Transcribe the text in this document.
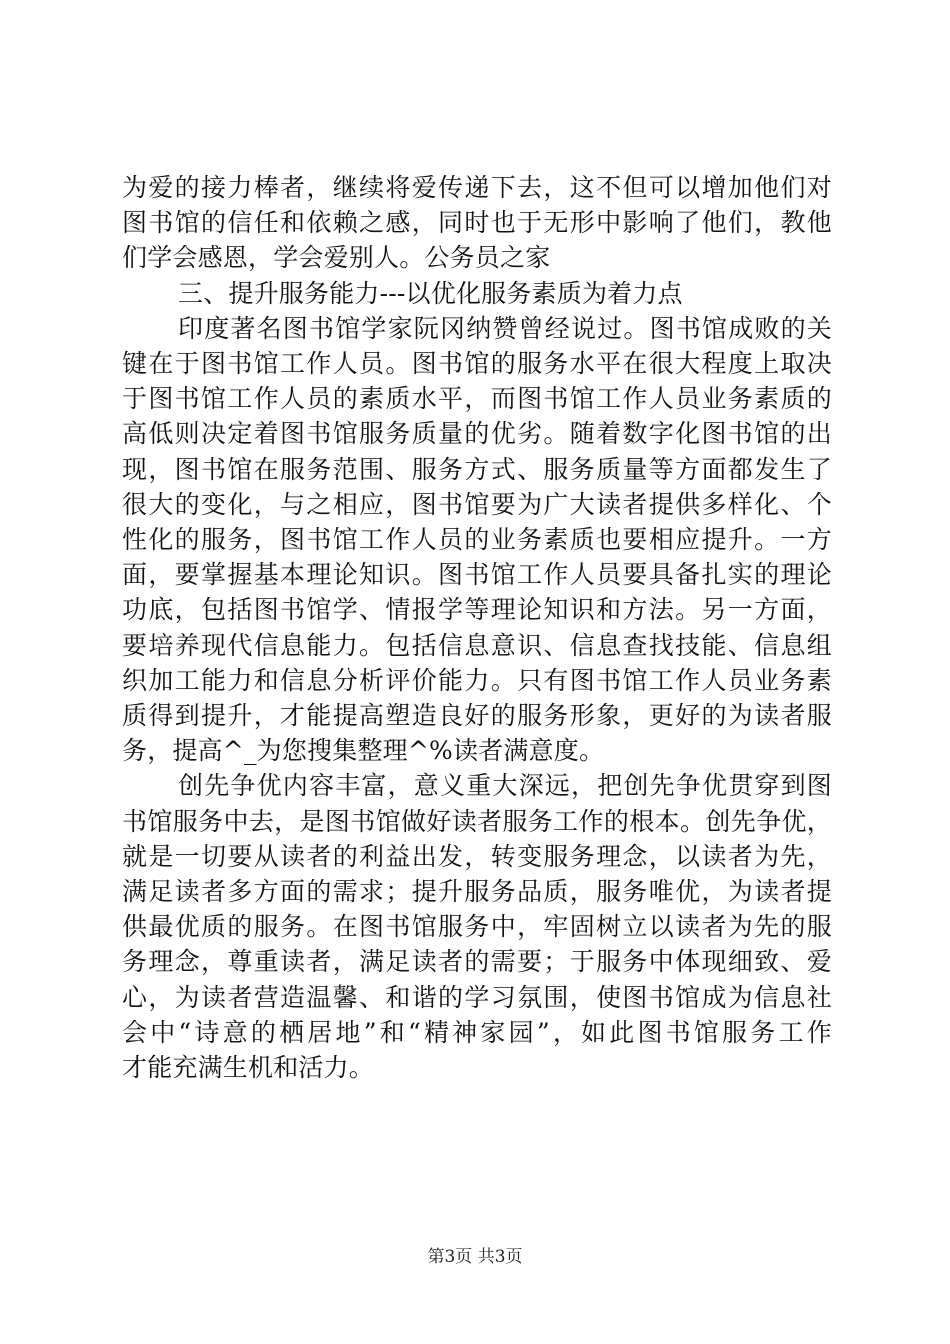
为爱的接力棒者，继续将爱传递下去，这不但可以增加他们对
图书馆的信任和依赖之感，同时也于无形中影响了他们，教他
们学会感恩，学会爱别人。公务员之家
三、提升服务能力---以优化服务素质为着力点
印度著名图书馆学家阮冈纳赞曾经说过。图书馆成败的关
键在于图书馆工作人员。图书馆的服务水平在很大程度上取决
于图书馆工作人员的素质水平，而图书馆工作人员业务素质的
高低则决定着图书馆服务质量的优劣。随着数字化图书馆的出
现，图书馆在服务范围、服务方式、服务质量等方面都发生了
很大的变化，与之相应，图书馆要为广大读者提供多样化、个
性化的服务，图书馆工作人员的业务素质也要相应提升。一方
面，要掌握基本理论知识。图书馆工作人员要具备扎实的理论
功底，包括图书馆学、情报学等理论知识和方法。另一方面，
要培养现代信息能力。包括信息意识、信息查找技能、信息组
织加工能力和信息分析评价能力。只有图书馆工作人员业务素
质得到提升，才能提高塑造良好的服务形象，更好的为读者服
务，提高^_为您搜集整理^%读者满意度。
创先争优内容丰富，意义重大深远，把创先争优贯穿到图
书馆服务中去，是图书馆做好读者服务工作的根本。创先争优，
就是一切要从读者的利益出发，转变服务理念，以读者为先，
满足读者多方面的需求；提升服务品质，服务唯优，为读者提
供最优质的服务。在图书馆服务中，牢固树立以读者为先的服
务理念，尊重读者，满足读者的需要；于服务中体现细致、爱
心，为读者营造温馨、和谐的学习氛围，使图书馆成为信息社
会中“诗意的栖居地”和“精神家园”，如此图书馆服务工作
才能充满生机和活力。
第3页 共3页
